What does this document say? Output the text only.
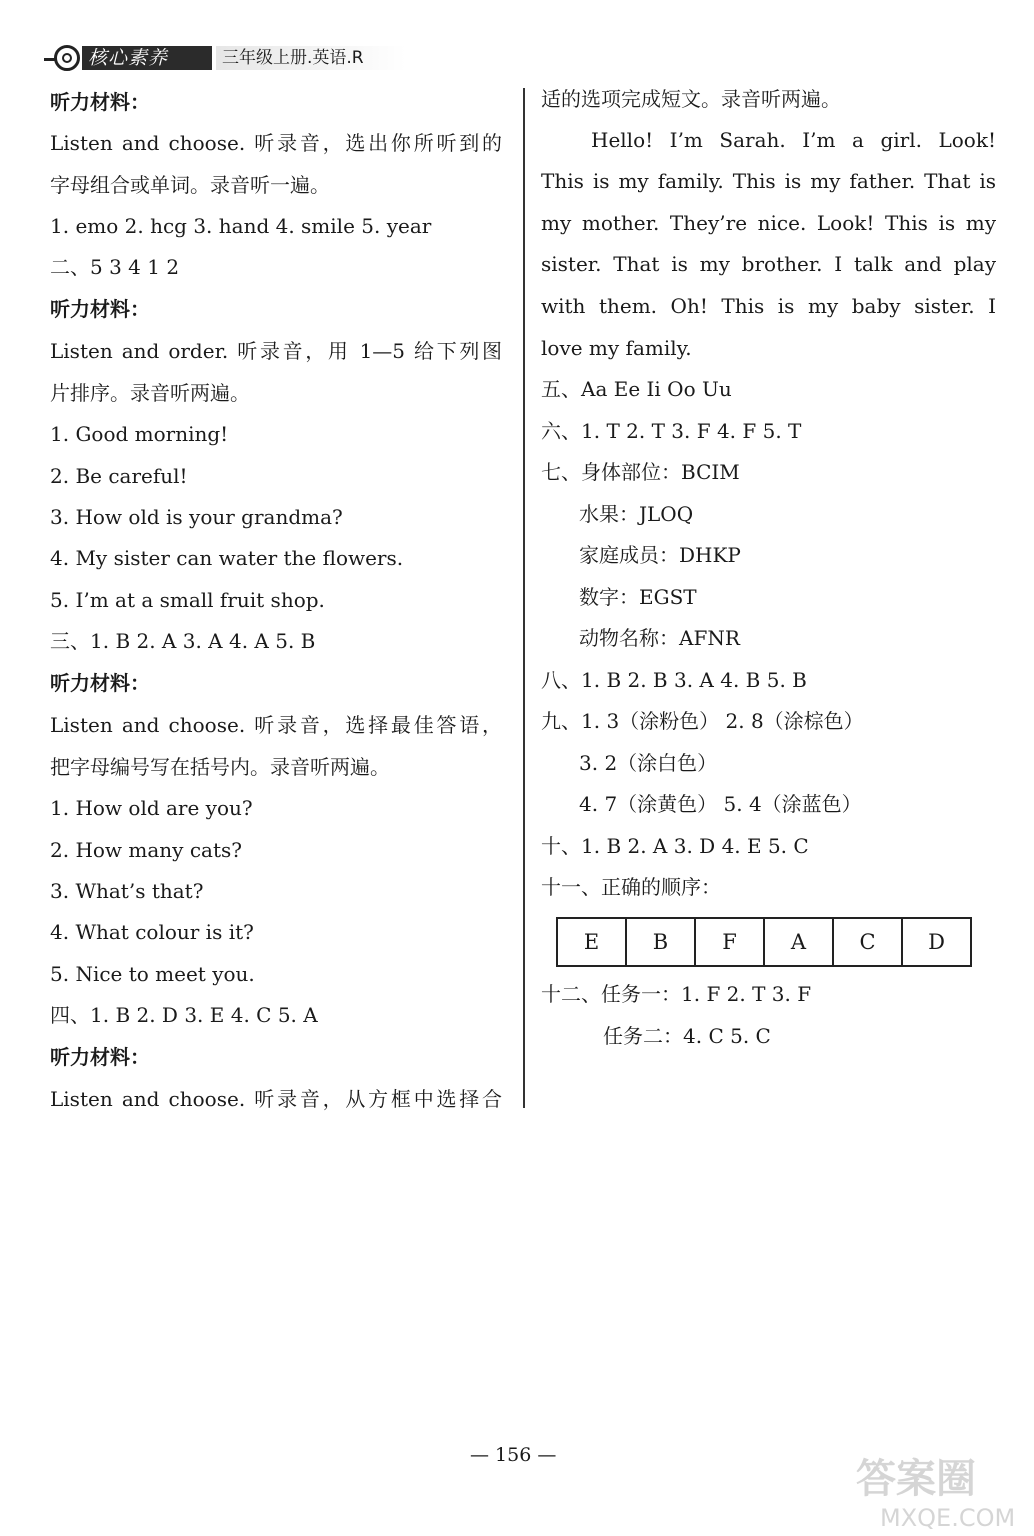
核心素养	三年级上册.英语.R
听力材料：
Listen and choose. 听录音，选出你所听到的
字母组合或单词。录音听一遍。
1. emo 2. hcg 3. hand 4. smile 5. year
二、5 3 4 1 2
听力材料：
Listen and order. 听录音，用 1—5 给下列图
片排序。录音听两遍。
1. Good morning!
2. Be careful!
3. How old is your grandma?
4. My sister can water the flowers.
5. I’m at a small fruit shop.
三、1. B 2. A 3. A 4. A 5. B
听力材料：
Listen and choose. 听录音，选择最佳答语，
把字母编号写在括号内。录音听两遍。
1. How old are you?
2. How many cats?
3. What’s that?
4. What colour is it?
5. Nice to meet you.
四、1. B 2. D 3. E 4. C 5. A
听力材料：
Listen and choose. 听录音，从方框中选择合
适的选项完成短文。录音听两遍。
Hello! I’m Sarah. I’m a girl. Look!
This is my family. This is my father. That is
my mother. They’re nice. Look! This is my
sister. That is my brother. I talk and play
with them. Oh! This is my baby sister. I
love my family.
五、Aa Ee Ii Oo Uu
六、1. T 2. T 3. F 4. F 5. T
七、身体部位：BCIM
水果：JLOQ
家庭成员：DHKP
数字：EGST
动物名称：AFNR
八、1. B 2. B 3. A 4. B 5. B
九、1. 3（涂粉色） 2. 8（涂棕色）
3. 2（涂白色）
4. 7（涂黄色） 5. 4（涂蓝色）
十、1. B 2. A 3. D 4. E 5. C
十一、正确的顺序：
十二、任务一：1. F 2. T 3. F
任务二：4. C 5. C
E	B	F	A	C	D
— 156 —
答案圈
MXQE.COM
